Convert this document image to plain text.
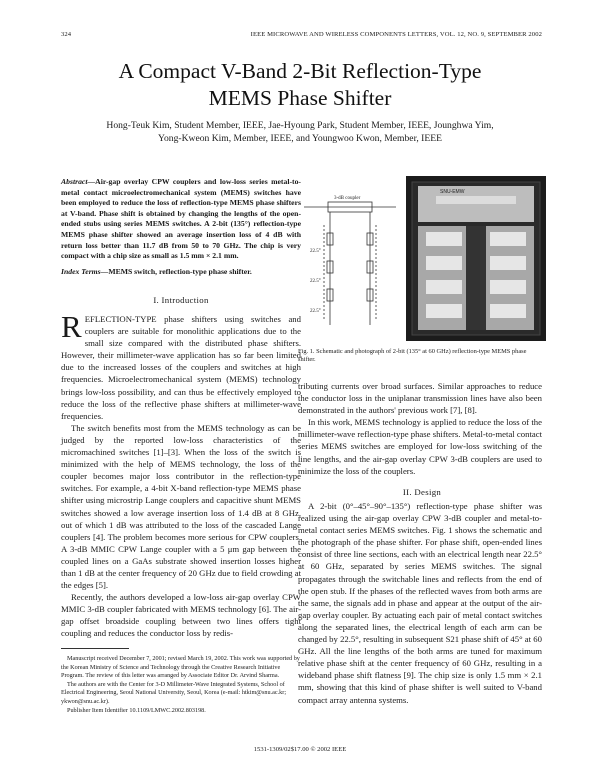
324	IEEE MICROWAVE AND WIRELESS COMPONENTS LETTERS, VOL. 12, NO. 9, SEPTEMBER 2002
A Compact V-Band 2-Bit Reflection-Type
MEMS Phase Shifter
Hong-Teuk Kim, Student Member, IEEE, Jae-Hyoung Park, Student Member, IEEE, Jounghwa Yim,
Yong-Kweon Kim, Member, IEEE, and Youngwoo Kwon, Member, IEEE
Abstract—Air-gap overlay CPW couplers and low-loss series metal-to-metal contact microelectromechanical system (MEMS) switches have been employed to reduce the loss of reflection-type MEMS phase shifters at V-band. Phase shift is obtained by changing the lengths of the open-ended stubs using series MEMS switches. A 2-bit (135°) reflection-type MEMS phase shifter showed an average insertion loss of 4 dB with return loss better than 11.7 dB from 50 to 70 GHz. The chip is very compact with a chip size as small as 1.5 mm × 2.1 mm.
Index Terms—MEMS switch, reflection-type phase shifter.
I. Introduction

REFLECTION-TYPE phase shifters using switches and couplers are suitable for monolithic applications due to the small size compared with the distributed phase shifters. However, their millimeter-wave application has so far been limited due to the increased losses of the couplers and switches at high frequencies. Microelectromechanical system (MEMS) technology brings low-loss possibility, and can thus be effectively employed to reduce the loss of the reflective phase shifters at millimeter-wave frequencies.

The switch benefits most from the MEMS technology as can be judged by the reported low-loss characteristics of the micromachined switches [1]–[3]. When the loss of the switch is minimized with the help of MEMS technology, the loss of the coupler becomes major loss contributor in the reflection-type switches. For example, a 4-bit X-band reflection-type MEMS phase shifter using microstrip Lange couplers and capacitive shunt MEMS switches showed a low average insertion loss of 1.4 dB at 8 GHz, out of which 1 dB was attributed to the loss of the cascaded Lange couplers [4]. The problem becomes more serious for CPW couplers. A 3-dB MMIC CPW Lange coupler with a 5 μm gap between the coupled lines on a GaAs substrate showed insertion losses higher than 1 dB at the center frequency of 20 GHz due to field crowding at the edges [5].

Recently, the authors developed a low-loss air-gap overlay CPW MMIC 3-dB coupler fabricated with MEMS technology [6]. The air-gap offset broadside coupling between two lines offers tight coupling and reduces the conductor loss by redis-

Manuscript received December 7, 2001; revised March 19, 2002. This work was supported by the Korean Ministry of Science and Technology through the Creative Research Initiative Program. The review of this letter was arranged by Associate Editor Dr. Arvind Sharma.

The authors are with the Center for 3-D Millimeter-Wave Integrated Systems, School of Electrical Engineering, Seoul National University, Seoul, Korea (e-mail: htkim@snu.ac.kr; ykwon@snu.ac.kr).

Publisher Item Identifier 10.1109/LMWC.2002.803198.

3-dB coupler
22.5°
22.5°
22.5°
SNU-EMW
Fig. 1. Schematic and photograph of 2-bit (135° at 60 GHz) reflection-type MEMS phase shifter.

tributing currents over broad surfaces. Similar approaches to reduce the conductor loss in the uniplanar transmission lines have also been demonstrated in the authors' previous work [7], [8].

In this work, MEMS technology is applied to reduce the loss of the millimeter-wave reflection-type phase shifters. Metal-to-metal contact series MEMS switches are employed for low-loss switching of the line lengths, and the air-gap overlay CPW 3-dB couplers are used to minimize the loss of the couplers.

II. Design

A 2-bit (0°–45°–90°–135°) reflection-type phase shifter was realized using the air-gap overlay CPW 3-dB coupler and metal-to-metal contact series MEMS switches. Fig. 1 shows the schematic and the photograph of the phase shifter. For phase shift, open-ended lines consist of three line sections, each with an electrical length near 22.5° at 60 GHz, separated by series MEMS switches. The signal propagates through the switchable lines and reflects from the end of the open stub. If the phases of the reflected waves from both arms are the same, the signals add in phase and appear at the output of the air-gap overlay coupler. By actuating each pair of metal contact switches along the separated lines, the electrical length of each arm can be changed by 22.5°, resulting in subsequent S21 phase shift of 45° at 60 GHz. All the line lengths of the both arms are tuned for maximum relative phase shift at the center frequency of 60 GHz, resulting in a wideband phase shift flatness [9]. The chip size is only 1.5 mm × 2.1 mm, showing that this kind of phase shifter is well suited to V-band compact array antenna systems.

1531-1309/02$17.00 © 2002 IEEE
